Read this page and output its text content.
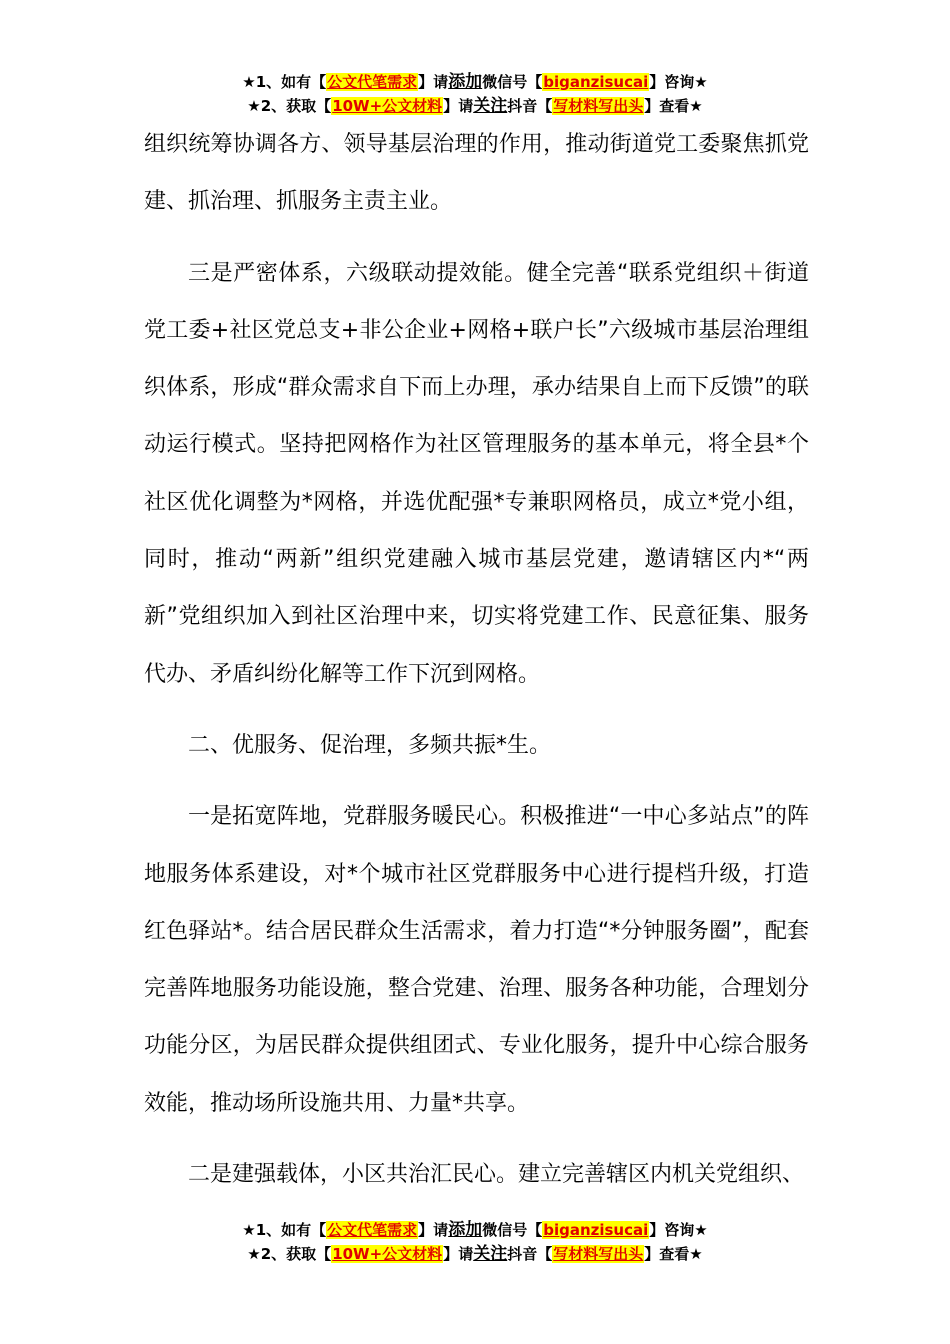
★1、如有【公文代笔需求】请添加微信号【biganzisucai】咨询★
★2、获取【10W+公文材料】请关注抖音【写材料写出头】查看★

组织统筹协调各方、领导基层治理的作用，推动街道党工委聚焦抓党建、抓治理、抓服务主责主业。

三是严密体系，六级联动提效能。健全完善“联系党组织＋街道党工委+社区党总支+非公企业+网格+联户长”六级城市基层治理组织体系，形成“群众需求自下而上办理，承办结果自上而下反馈”的联动运行模式。坚持把网格作为社区管理服务的基本单元，将全县*个社区优化调整为*网格，并选优配强*专兼职网格员，成立*党小组，同时，推动“两新”组织党建融入城市基层党建，邀请辖区内*“两新”党组织加入到社区治理中来，切实将党建工作、民意征集、服务代办、矛盾纠纷化解等工作下沉到网格。

二、优服务、促治理，多频共振*生。

一是拓宽阵地，党群服务暖民心。积极推进“一中心多站点”的阵地服务体系建设，对*个城市社区党群服务中心进行提档升级，打造红色驿站*。结合居民群众生活需求，着力打造“*分钟服务圈”，配套完善阵地服务功能设施，整合党建、治理、服务各种功能，合理划分功能分区，为居民群众提供组团式、专业化服务，提升中心综合服务效能，推动场所设施共用、力量*共享。

二是建强载体，小区共治汇民心。建立完善辖区内机关党组织、

★1、如有【公文代笔需求】请添加微信号【biganzisucai】咨询★
★2、获取【10W+公文材料】请关注抖音【写材料写出头】查看★
